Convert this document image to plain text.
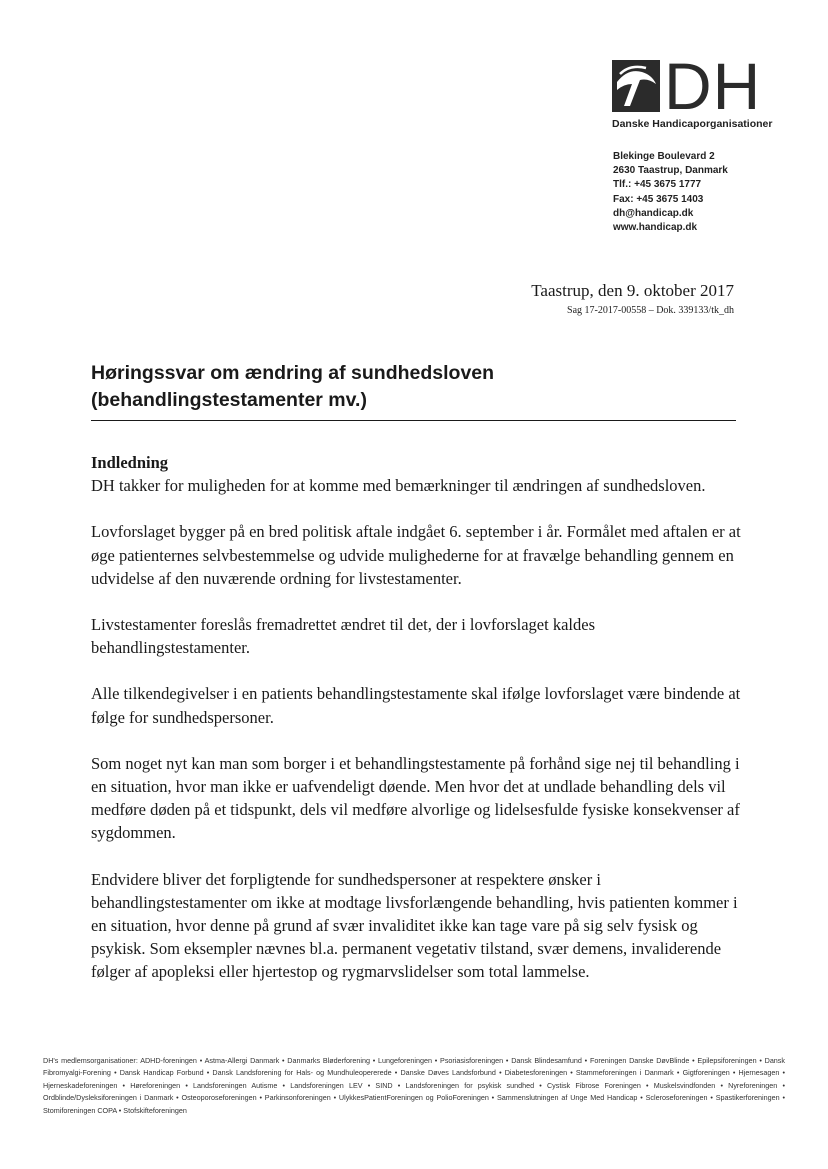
DH
Danske Handicaporganisationer
Blekinge Boulevard 2
2630 Taastrup, Danmark
Tlf.: +45 3675 1777
Fax: +45 3675 1403
dh@handicap.dk
www.handicap.dk
Taastrup, den 9. oktober 2017
Sag 17-2017-00558 – Dok. 339133/tk_dh
Høringssvar om ændring af sundhedsloven
(behandlingstestamenter mv.)
Indledning

DH takker for muligheden for at komme med bemærkninger til ændringen af sundhedsloven.

Lovforslaget bygger på en bred politisk aftale indgået 6. september i år. Formålet med aftalen er at øge patienternes selvbestemmelse og udvide mulighederne for at fravælge behandling gennem en udvidelse af den nuværende ordning for livstestamenter.

Livstestamenter foreslås fremadrettet ændret til det, der i lovforslaget kaldes behandlingstestamenter.

Alle tilkendegivelser i en patients behandlingstestamente skal ifølge lovforslaget være bindende at følge for sundhedspersoner.

Som noget nyt kan man som borger i et behandlingstestamente på forhånd sige nej til behandling i en situation, hvor man ikke er uafvendeligt døende. Men hvor det at undlade behandling dels vil medføre døden på et tidspunkt, dels vil medføre alvorlige og lidelsesfulde fysiske konsekvenser af sygdommen.

Endvidere bliver det forpligtende for sundhedspersoner at respektere ønsker i behandlingstestamenter om ikke at modtage livsforlængende behandling, hvis patienten kommer i en situation, hvor denne på grund af svær invaliditet ikke kan tage vare på sig selv fysisk og psykisk. Som eksempler nævnes bl.a. permanent vegetativ tilstand, svær demens, invaliderende følger af apopleksi eller hjertestop og rygmarvslidelser som total lammelse.

DH's medlemsorganisationer: ADHD-foreningen • Astma-Allergi Danmark • Danmarks Bløderforening • Lungeforeningen • Psoriasisforeningen • Dansk Blindesamfund • Foreningen Danske DøvBlinde • Epilepsiforeningen • Dansk Fibromyalgi-Forening • Dansk Handicap Forbund • Dansk Landsforening for Hals- og Mundhuleopererede • Danske Døves Landsforbund • Diabetesforeningen • Stammeforeningen i Danmark • Gigtforeningen • Hjernesagen • Hjerneskadeforeningen • Høreforeningen • Landsforeningen Autisme • Landsforeningen LEV • SIND • Landsforeningen for psykisk sundhed • Cystisk Fibrose Foreningen • Muskelsvindfonden • Nyreforeningen • Ordblinde/Dysleksiforeningen i Danmark • Osteoporoseforeningen • Parkinsonforeningen • UlykkesPatientForeningen og PolioForeningen • Sammenslutningen af Unge Med Handicap • Scleroseforeningen • Spastikerforeningen • Stomiforeningen COPA • Stofskifteforeningen
